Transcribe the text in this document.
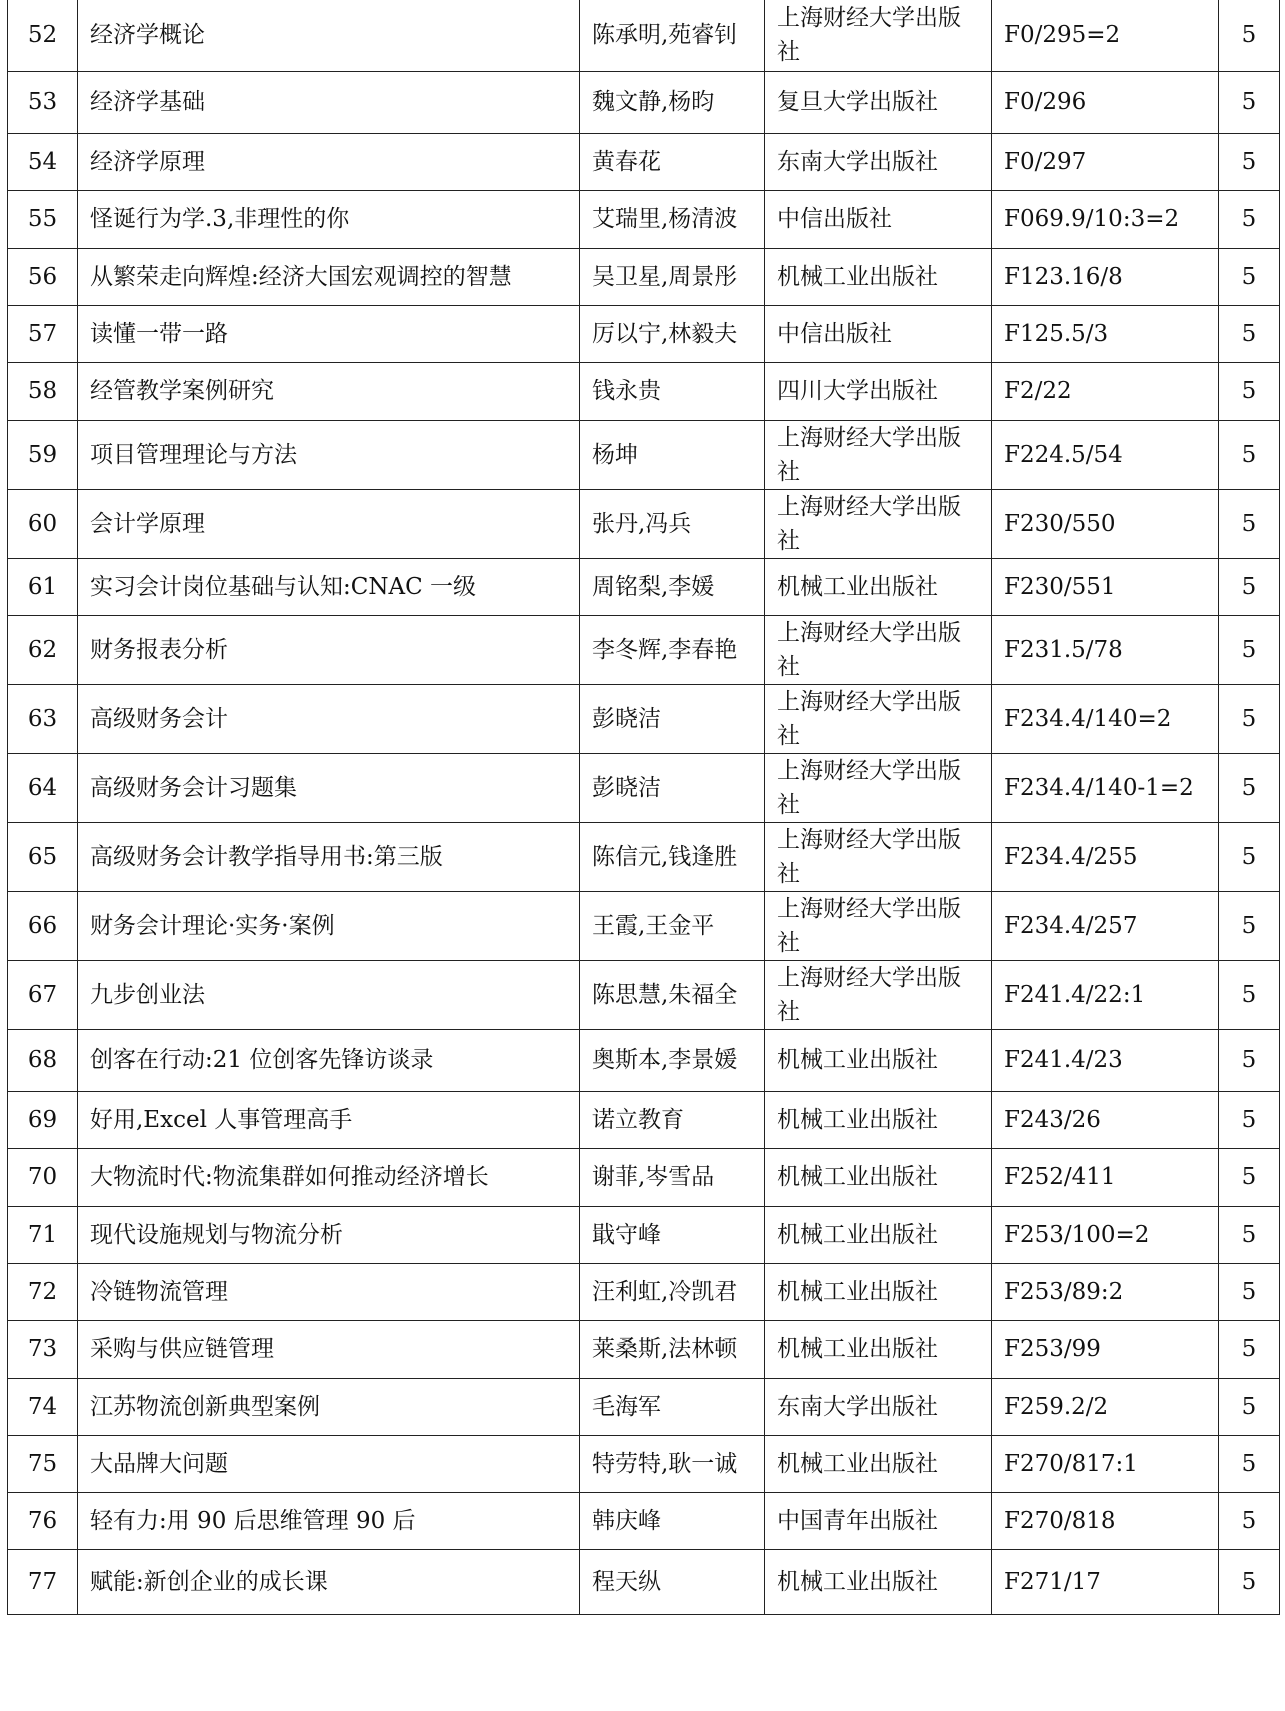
52	经济学概论	陈承明,苑睿钊	上海财经大学出版社	F0/295=2	5
53	经济学基础	魏文静,杨昀	复旦大学出版社	F0/296	5
54	经济学原理	黄春花	东南大学出版社	F0/297	5
55	怪诞行为学.3,非理性的你	艾瑞里,杨清波	中信出版社	F069.9/10:3=2	5
56	从繁荣走向辉煌:经济大国宏观调控的智慧	吴卫星,周景彤	机械工业出版社	F123.16/8	5
57	读懂一带一路	厉以宁,林毅夫	中信出版社	F125.5/3	5
58	经管教学案例研究	钱永贵	四川大学出版社	F2/22	5
59	项目管理理论与方法	杨坤	上海财经大学出版社	F224.5/54	5
60	会计学原理	张丹,冯兵	上海财经大学出版社	F230/550	5
61	实习会计岗位基础与认知:CNAC 一级	周铭梨,李媛	机械工业出版社	F230/551	5
62	财务报表分析	李冬辉,李春艳	上海财经大学出版社	F231.5/78	5
63	高级财务会计	彭晓洁	上海财经大学出版社	F234.4/140=2	5
64	高级财务会计习题集	彭晓洁	上海财经大学出版社	F234.4/140-1=2	5
65	高级财务会计教学指导用书:第三版	陈信元,钱逢胜	上海财经大学出版社	F234.4/255	5
66	财务会计理论·实务·案例	王霞,王金平	上海财经大学出版社	F234.4/257	5
67	九步创业法	陈思慧,朱福全	上海财经大学出版社	F241.4/22:1	5
68	创客在行动:21 位创客先锋访谈录	奥斯本,李景媛	机械工业出版社	F241.4/23	5
69	好用,Excel 人事管理高手	诺立教育	机械工业出版社	F243/26	5
70	大物流时代:物流集群如何推动经济增长	谢菲,岑雪品	机械工业出版社	F252/411	5
71	现代设施规划与物流分析	戢守峰	机械工业出版社	F253/100=2	5
72	冷链物流管理	汪利虹,冷凯君	机械工业出版社	F253/89:2	5
73	采购与供应链管理	莱桑斯,法林顿	机械工业出版社	F253/99	5
74	江苏物流创新典型案例	毛海军	东南大学出版社	F259.2/2	5
75	大品牌大问题	特劳特,耿一诚	机械工业出版社	F270/817:1	5
76	轻有力:用 90 后思维管理 90 后	韩庆峰	中国青年出版社	F270/818	5
77	赋能:新创企业的成长课	程天纵	机械工业出版社	F271/17	5
